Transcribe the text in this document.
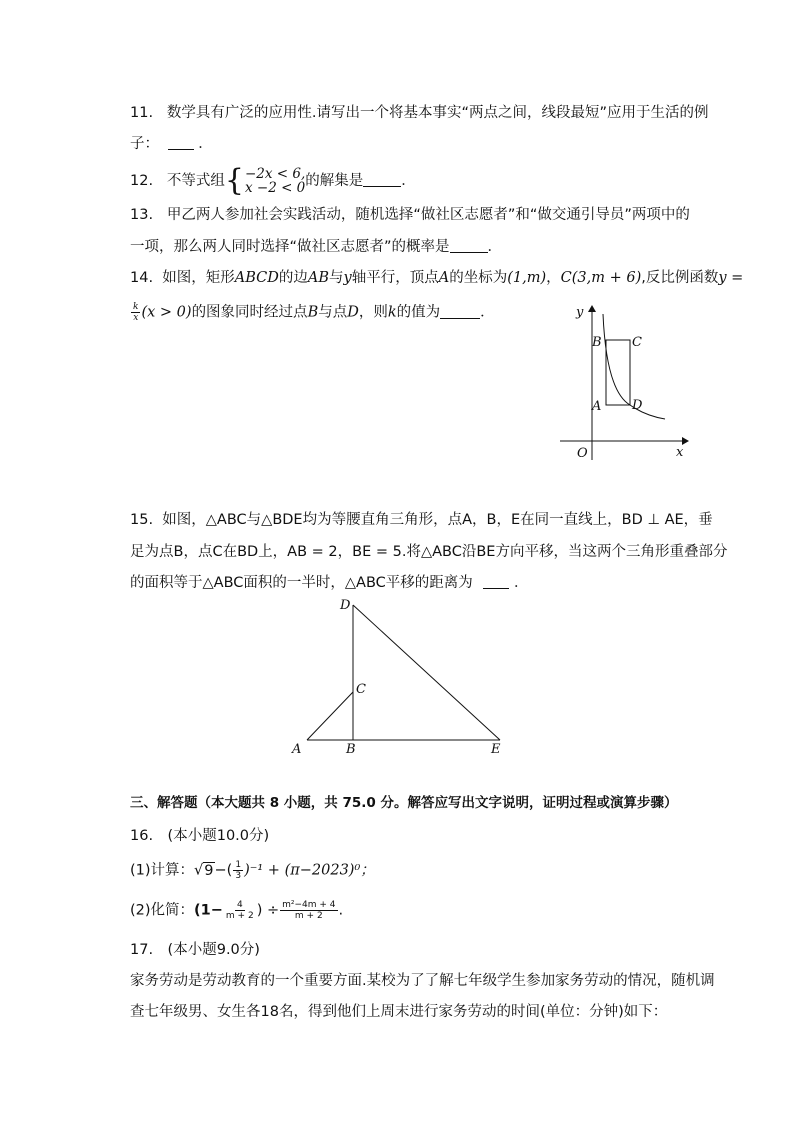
11. 数学具有广泛的应用性.请写出一个将基本事实“两点之间，线段最短”应用于生活的例
子：	．
12. 不等式组 { −2x < 6,
x −2 < 0 的解集是	．
13. 甲乙两人参加社会实践活动，随机选择“做社区志愿者”和“做交通引导员”两项中的
一项，那么两人同时选择“做社区志愿者”的概率是	．
14. 如图，矩形ABCD的边AB与y轴平行，顶点A的坐标为(1,m)，C(3,m + 6),反比例函数y =
$\frac{k}{x} (x > 0)$的图象同时经过点B与点D，则k的值为	．	y
x
O
B C
A D
15. 如图，△ABC与△BDE均为等腰直角三角形，点A，B，E在同一直线上，BD ⊥ AE，垂
足为点B，点C在BD上，AB = 2，BE = 5.将△ABC沿BE方向平移，当这两个三角形重叠部分
的面积等于△ABC面积的一半时，△ABC平移的距离为	．
D
C
A	B	E
三、解答题（本大题共 8 小题，共 75.0 分。解答应写出文字说明，证明过程或演算步骤）
16.　(本小题10.0分)
(1)计算：$√9-( \frac{1}{3} )^{-1} + (\pi-2023)^0$；
(2)化简：($1- \frac{4}{m + 2}$ ) ÷ $\frac{\text{m²−4m + 4}}{m + 2}$ .
17.　(本小题9.0分)
家务劳动是劳动教育的一个重要方面.某校为了了解七年级学生参加家务劳动的情况，随机调
查七年级男、女生各18名，得到他们上周末进行家务劳动的时间(单位：分钟)如下：
